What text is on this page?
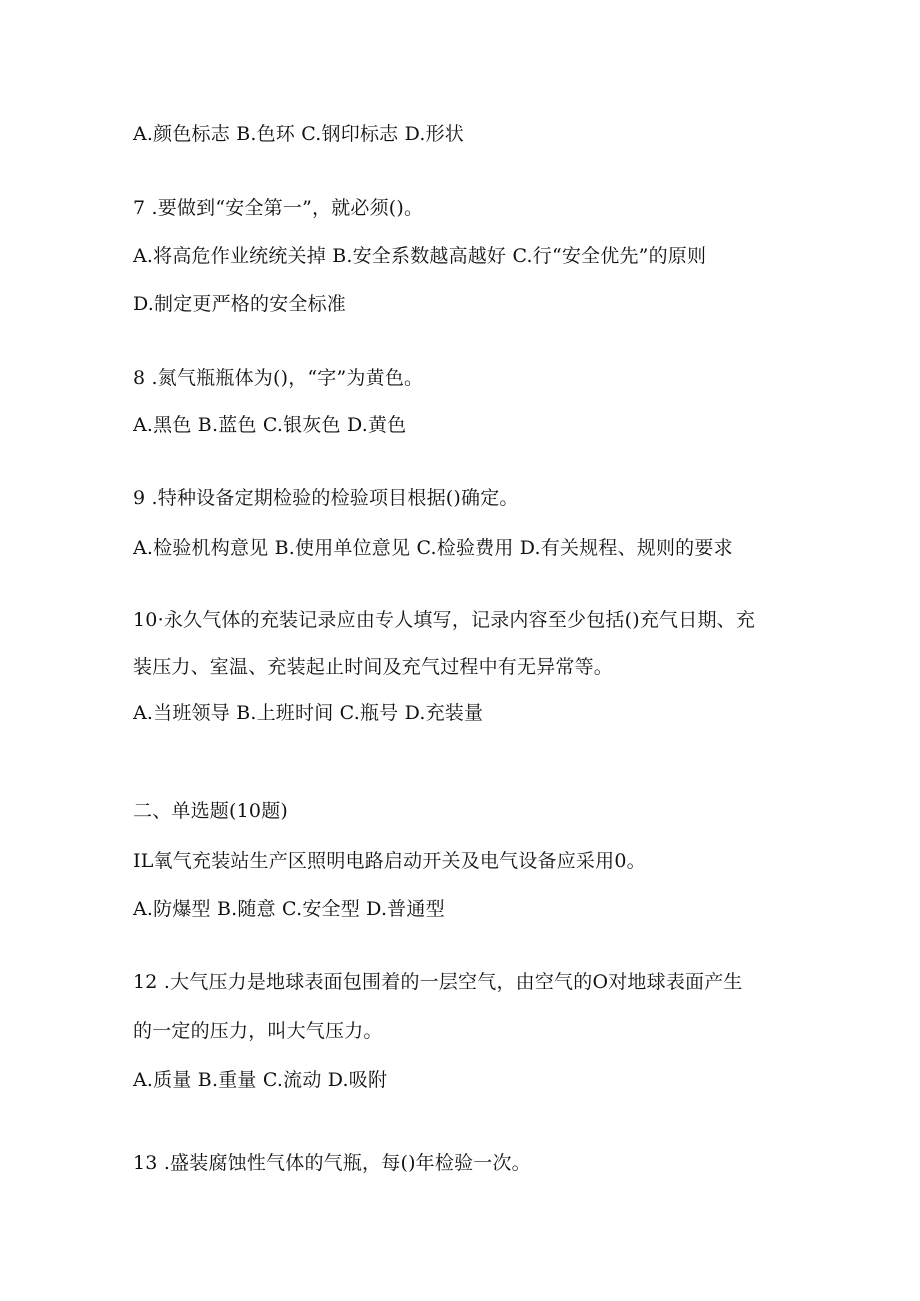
A.颜色标志 B.色环 C.钢印标志 D.形状
7 .要做到“安全第一”，就必须()。
A.将高危作业统统关掉 B.安全系数越高越好 C.行“安全优先”的原则
D.制定更严格的安全标准
8 .氮气瓶瓶体为()，“字”为黄色。
A.黑色 B.蓝色 C.银灰色 D.黄色
9 .特种设备定期检验的检验项目根据()确定。
A.检验机构意见 B.使用单位意见 C.检验费用 D.有关规程、规则的要求
10·永久气体的充装记录应由专人填写，记录内容至少包括()充气日期、充
装压力、室温、充装起止时间及充气过程中有无异常等。
A.当班领导 B.上班时间 C.瓶号 D.充装量
二、单选题(10题)
IL氧气充装站生产区照明电路启动开关及电气设备应采用0。
A.防爆型 B.随意 C.安全型 D.普通型
12 .大气压力是地球表面包围着的一层空气，由空气的O对地球表面产生
的一定的压力，叫大气压力。
A.质量 B.重量 C.流动 D.吸附
13 .盛装腐蚀性气体的气瓶，每()年检验一次。
